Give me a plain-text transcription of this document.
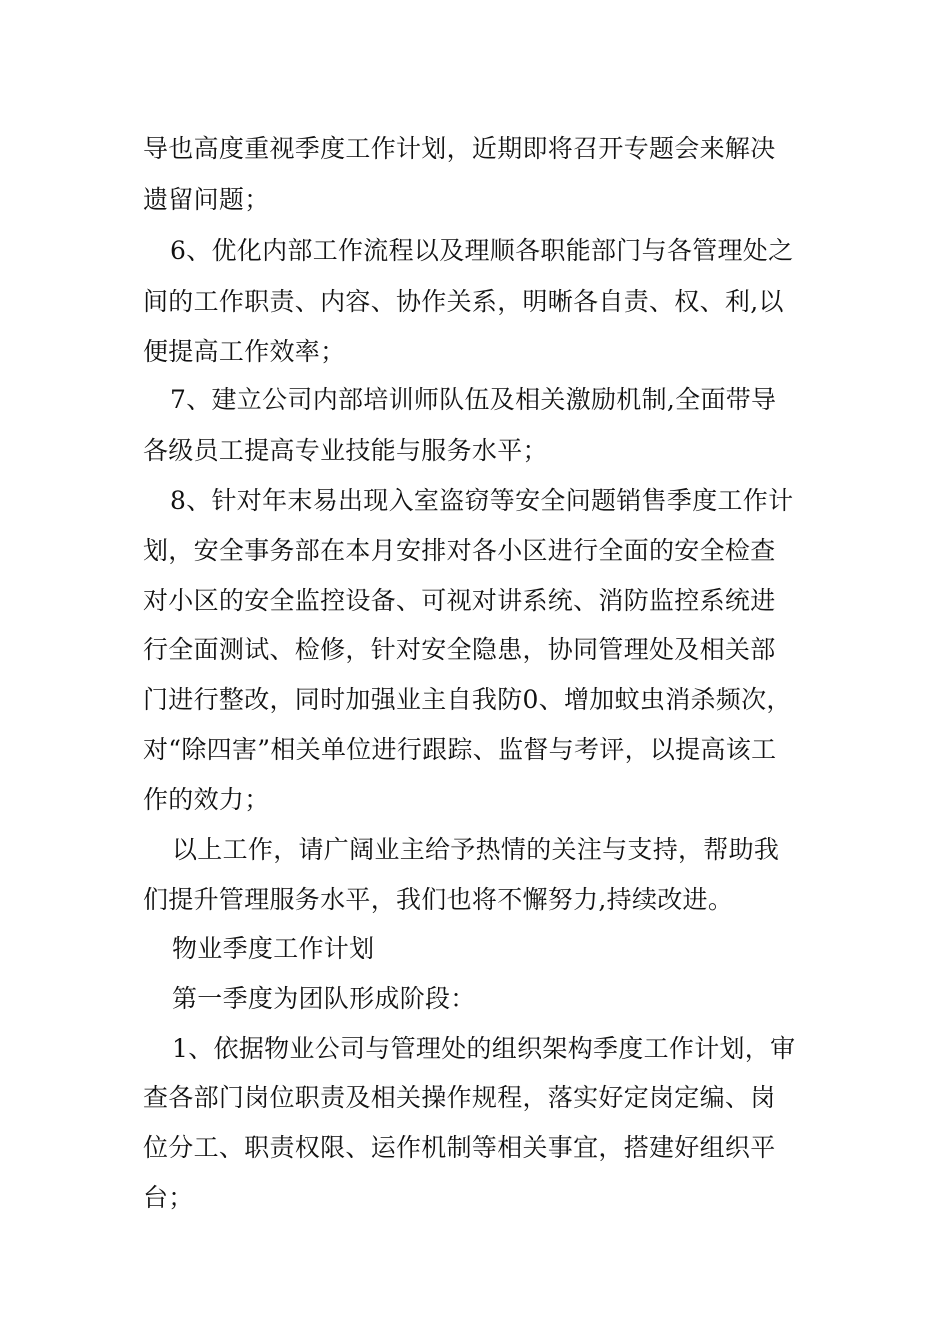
导也高度重视季度工作计划，近期即将召开专题会来解决

遗留问题；

6、优化内部工作流程以及理顺各职能部门与各管理处之

间的工作职责、内容、协作关系，明晰各自责、权、利,以

便提高工作效率；

7、建立公司内部培训师队伍及相关激励机制,全面带导

各级员工提高专业技能与服务水平；

8、针对年末易出现入室盗窃等安全问题销售季度工作计

划，安全事务部在本月安排对各小区进行全面的安全检查

对小区的安全监控设备、可视对讲系统、消防监控系统进

行全面测试、检修，针对安全隐患，协同管理处及相关部

门进行整改，同时加强业主自我防0、增加蚊虫消杀频次，

对“除四害”相关单位进行跟踪、监督与考评，以提高该工

作的效力；

以上工作，请广阔业主给予热情的关注与支持，帮助我

们提升管理服务水平，我们也将不懈努力,持续改进。

物业季度工作计划

第一季度为团队形成阶段：

1、依据物业公司与管理处的组织架构季度工作计划，审

查各部门岗位职责及相关操作规程，落实好定岗定编、岗

位分工、职责权限、运作机制等相关事宜，搭建好组织平

台；
